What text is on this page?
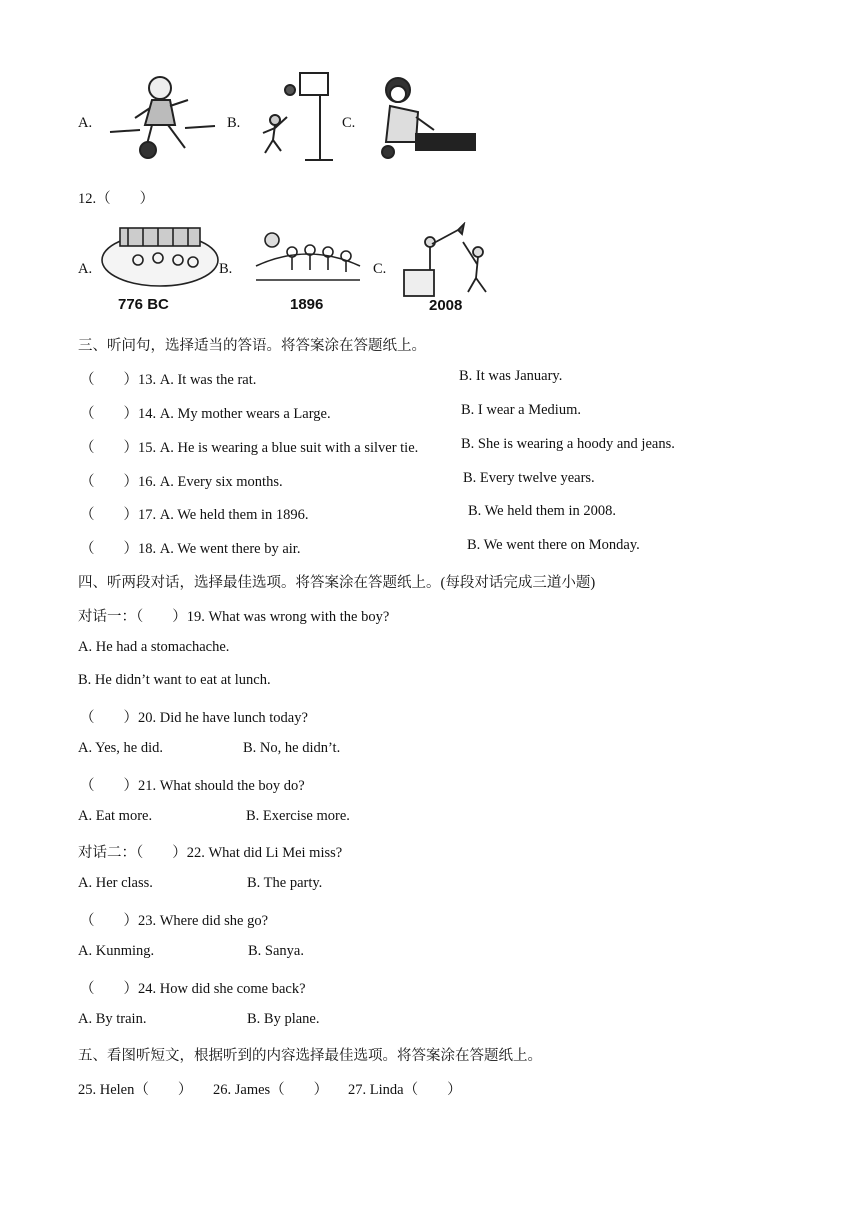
A.	B.	C.
12.（　　）
A.
776 BC
B.
1896
C.
2008
三、听问句，选择适当的答语。将答案涂在答题纸上。
（　　）13. A. It was the rat.	B. It was January.
（　　）14. A. My mother wears a Large.	B. I wear a Medium.
（　　）15. A. He is wearing a blue suit with a silver tie.	B. She is wearing a hoody and jeans.
（　　）16. A. Every six months.	B. Every twelve years.
（　　）17. A. We held them in 1896.	B. We held them in 2008.
（　　）18. A. We went there by air.	B. We went there on Monday.
四、听两段对话，选择最佳选项。将答案涂在答题纸上。(每段对话完成三道小题)
对话一：（　　）19. What was wrong with the boy?
A. He had a stomachache.
B. He didn’t want to eat at lunch.
（　　）20. Did he have lunch today?
A. Yes, he did.	B. No, he didn’t.
（　　）21. What should the boy do?
A. Eat more.	B. Exercise more.
对话二：（　　）22. What did Li Mei miss?
A. Her class.	B. The party.
（　　）23. Where did she go?
A. Kunming.	B. Sanya.
（　　）24. How did she come back?
A. By train.	B. By plane.
五、看图听短文，根据听到的内容选择最佳选项。将答案涂在答题纸上。
25. Helen（　　） 26. James（　　） 27. Linda（　　）
